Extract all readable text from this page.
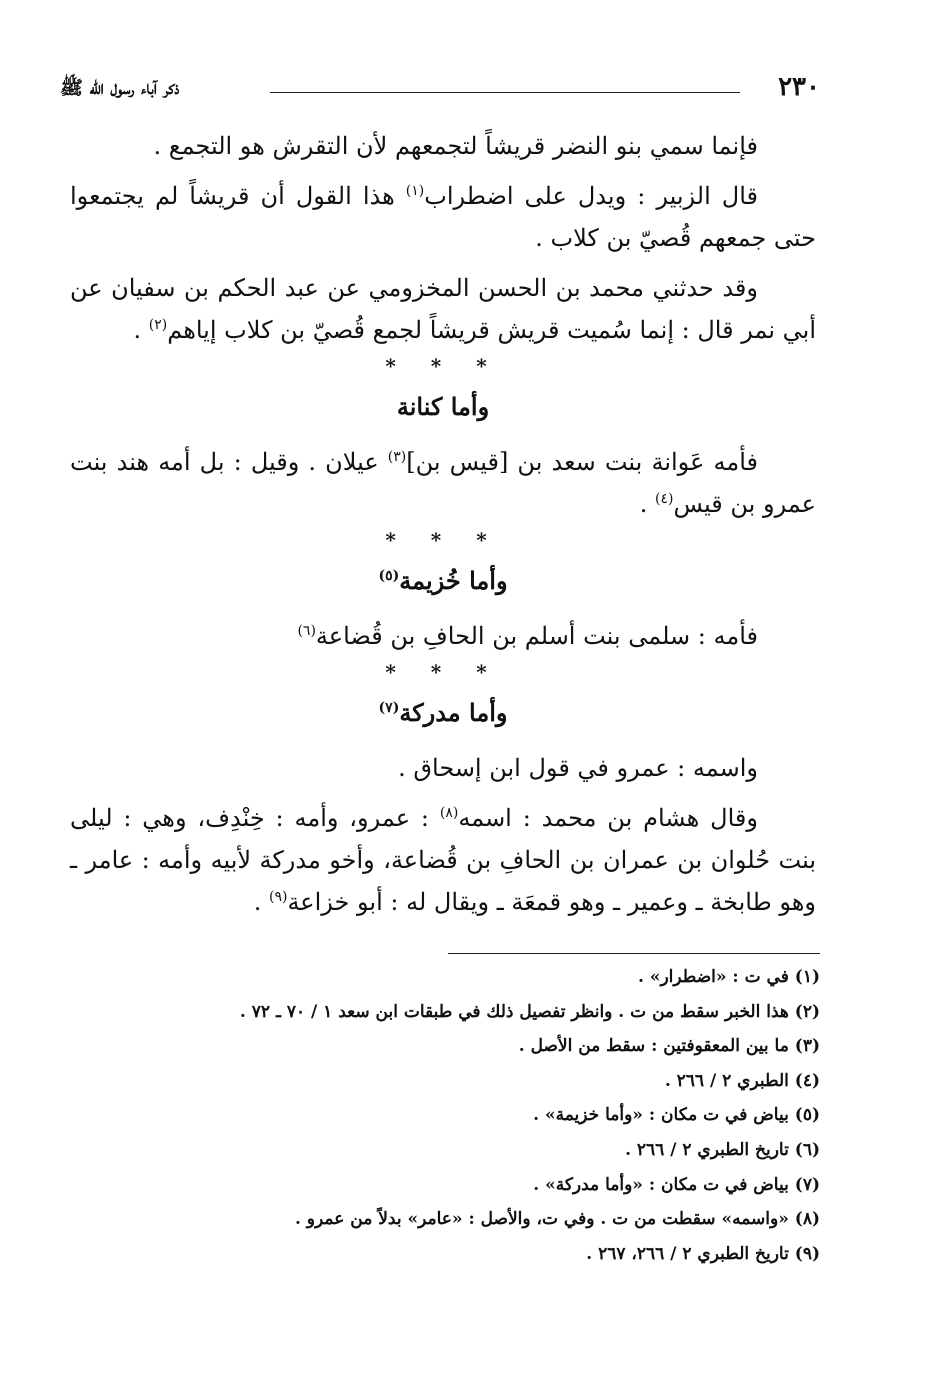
٢٣٠
ذكر آباء رسول الله ﷺ

فإنما سمي بنو النضر قريشاً لتجمعهم لأن التقرش هو التجمع .

قال الزبير : ويدل على اضطراب$^{(١)}$ هذا القول أن قريشاً لم يجتمعوا حتى جمعهم قُصيّ بن كلاب .

وقد حدثني محمد بن الحسن المخزومي عن عبد الحكم بن سفيان عن أبي نمر قال : إنما سُميت قريش قريشاً لجمع قُصيّ بن كلاب إياهم$^{(٢)}$ .

* * *
وأما كنانة

فأمه عَوانة بنت سعد بن [قيس بن]$^{(٣)}$ عيلان . وقيل : بل أمه هند بنت عمرو بن قيس$^{(٤)}$ .

* * *
وأما خُزيمة$^{(٥)}$

فأمه : سلمى بنت أسلم بن الحافِ بن قُضاعة$^{(٦)}$

* * *
وأما مدركة$^{(٧)}$

واسمه : عمرو في قول ابن إسحاق .

وقال هشام بن محمد : اسمه$^{(٨)}$ : عمرو، وأمه : خِنْدِف، وهي : ليلى بنت حُلوان بن عمران بن الحافِ بن قُضاعة، وأخو مدركة لأبيه وأمه : عامر ـ وهو طابخة ـ وعمير ـ وهو قمعَة ـ ويقال له : أبو خزاعة$^{(٩)}$ .

(١) في ت : «اضطرار» .
(٢) هذا الخبر سقط من ت . وانظر تفصيل ذلك في طبقات ابن سعد ١ / ٧٠ ـ ٧٢ .
(٣) ما بين المعقوفتين : سقط من الأصل .
(٤) الطبري ٢ / ٢٦٦ .
(٥) بياض في ت مكان : «وأما خزيمة» .
(٦) تاريخ الطبري ٢ / ٢٦٦ .
(٧) بياض في ت مكان : «وأما مدركة» .
(٨) «واسمه» سقطت من ت . وفي ت، والأصل : «عامر» بدلاً من عمرو .
(٩) تاريخ الطبري ٢ / ٢٦٦، ٢٦٧ .
